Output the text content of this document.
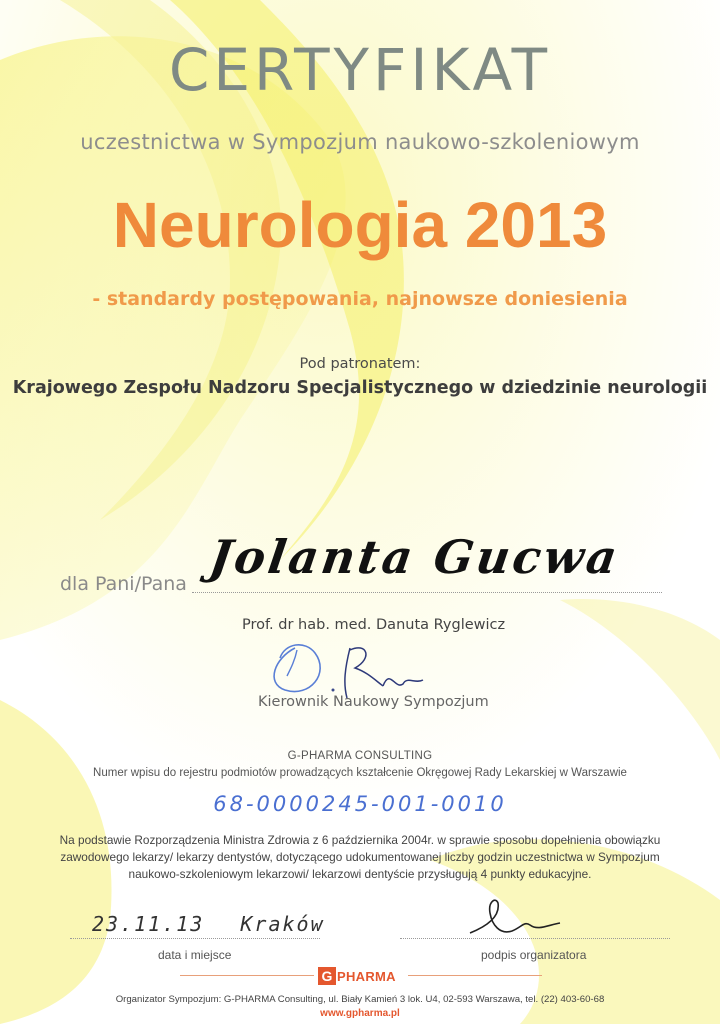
CERTYFIKAT
uczestnictwa w Sympozjum naukowo-szkoleniowym
Neurologia 2013
- standardy postępowania, najnowsze doniesienia
Pod patronatem:
Krajowego Zespołu Nadzoru Specjalistycznego w dziedzinie neurologii
dla Pani/Pana Jolanta Gucwa
Prof. dr hab. med. Danuta Ryglewicz
Kierownik Naukowy Sympozjum
G-PHARMA CONSULTING
Numer wpisu do rejestru podmiotów prowadzących kształcenie Okręgowej Rady Lekarskiej w Warszawie
68-0000245-001-0010
Na podstawie Rozporządzenia Ministra Zdrowia z 6 października 2004r. w sprawie sposobu dopełnienia obowiązku zawodowego lekarzy/ lekarzy dentystów, dotyczącego udokumentowanej liczby godzin uczestnictwa w Sympozjum naukowo-szkoleniowym lekarzowi/ lekarzowi dentyście przysługują 4 punkty edukacyjne.
23.11.13 Kraków
data i miejsce	podpis organizatora
G PHARMA
Organizator Sympozjum: G-PHARMA Consulting, ul. Biały Kamień 3 lok. U4, 02-593 Warszawa, tel. (22) 403-60-68
www.gpharma.pl
